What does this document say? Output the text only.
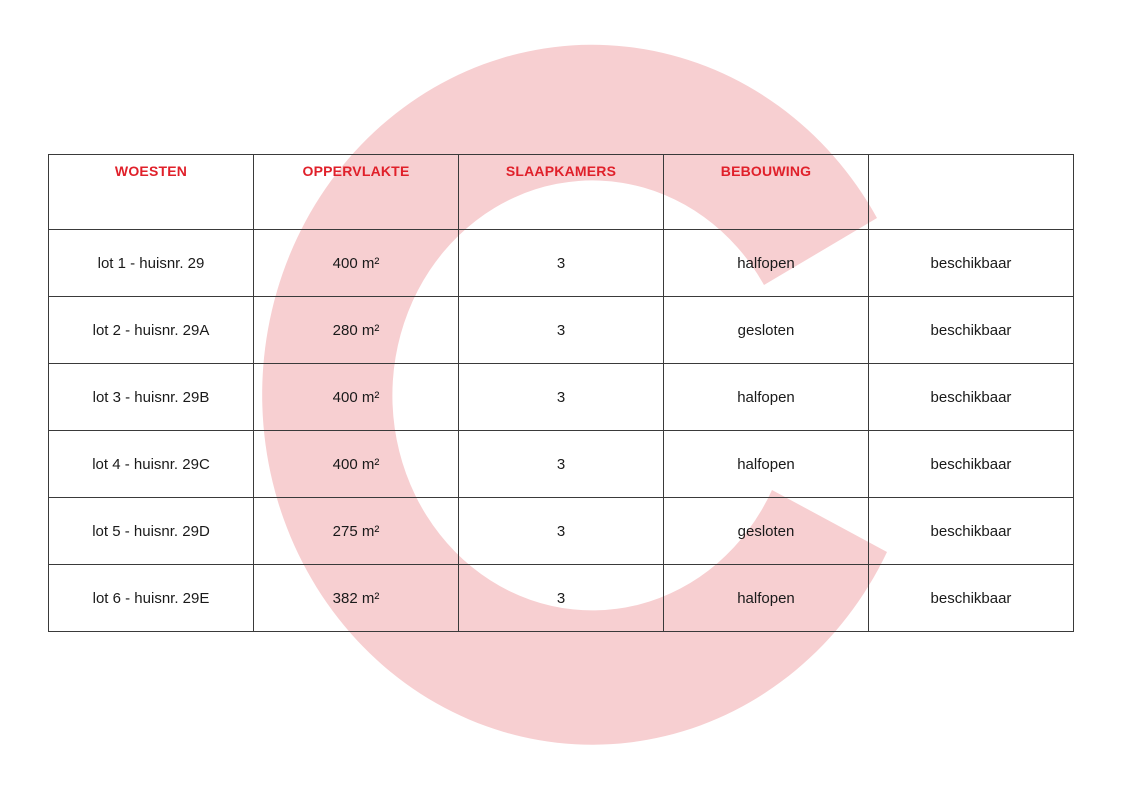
WOESTEN	OPPERVLAKTE	SLAAPKAMERS	BEBOUWING	
lot 1 - huisnr. 29	400 m²	3	halfopen	beschikbaar
lot 2 - huisnr. 29A	280 m²	3	gesloten	beschikbaar
lot 3 - huisnr. 29B	400 m²	3	halfopen	beschikbaar
lot 4 - huisnr. 29C	400 m²	3	halfopen	beschikbaar
lot 5 - huisnr. 29D	275 m²	3	gesloten	beschikbaar
lot 6 - huisnr. 29E	382 m²	3	halfopen	beschikbaar
